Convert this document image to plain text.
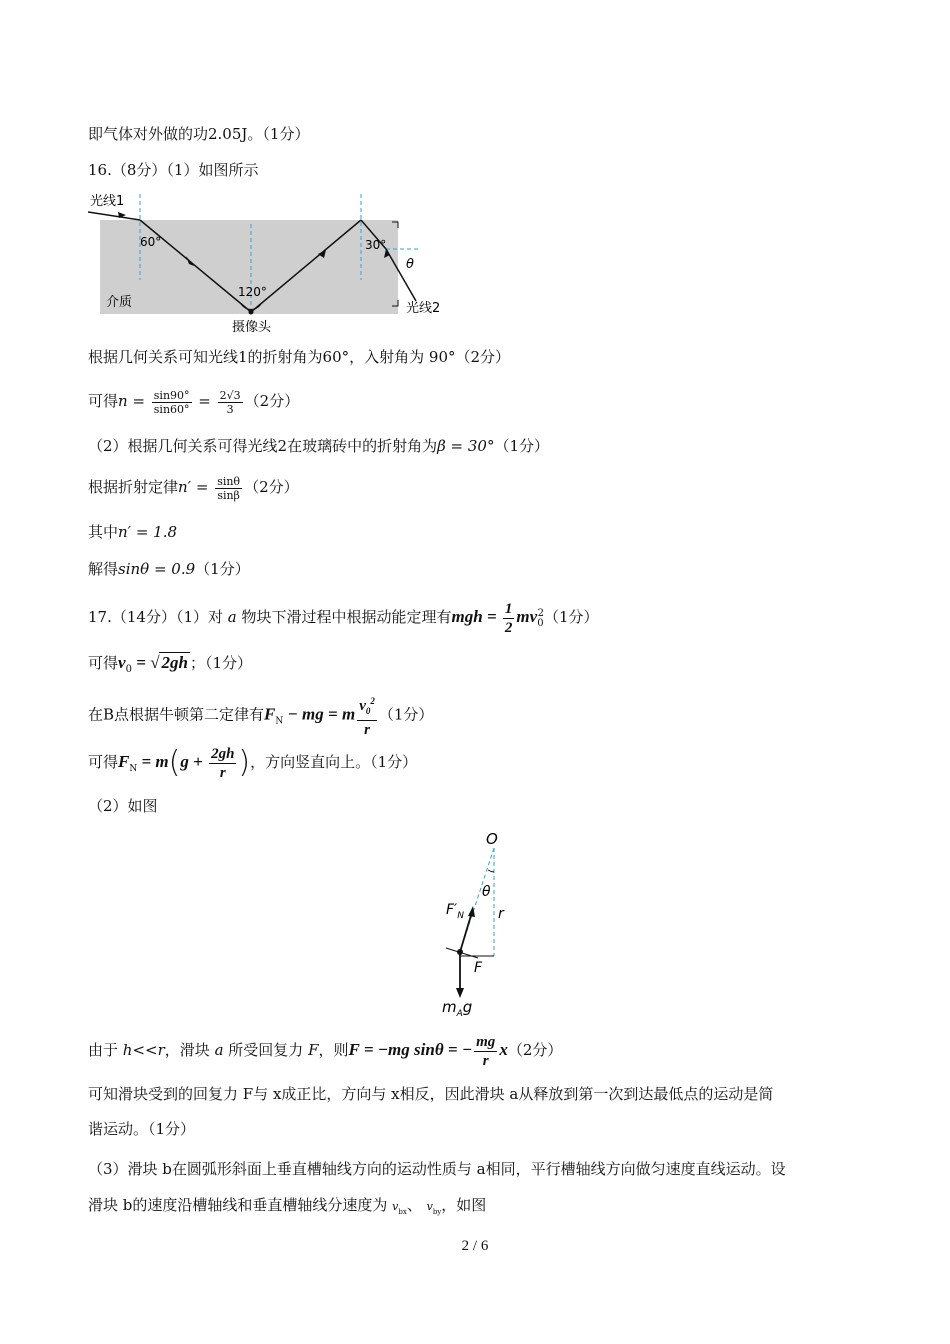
即气体对外做的功2.05J。（1分）
16.（8分）（1）如图所示
光线1
60°
120°
30°
θ
介质
摄像头
光线2
根据几何关系可知光线1的折射角为60°，入射角为 90°（2分）
可得$n = \frac{\sin 90^\circ}{\sin 60^\circ} = \frac{2√3}{3} (2$分）
（2）根据几何关系可得光线2在玻璃砖中的折射角为β = 30°（1分）
根据折射定律$n' = \frac{\sin\theta}{\sin\beta} (2$分）
其中n′ = 1.8
解得sinθ = 0.9（1分）
17.（14分）（1）对 a 物块下滑过程中根据动能定理有mgh = $\frac{1}{2} mv_0^2(1$分）
可得$v_0$ = √ 2gh ；（1分）
在B点根据牛顿第二定律有$F_N$ − mg = m $\frac{v_0^2}{r} (1$分）
可得$F_N = m(g + \frac{2gh}{r}$ )，方向竖直向上。（1分）
（2）如图
O
θ
r
$F'_N$
F
$m_Ag$
由于 h<<r，滑块 a 所受回复力 F，则F = −mg sinθ = − $\frac{mg}{r} x(2$分）
可知滑块受到的回复力 F与 x成正比，方向与 x相反，因此滑块 a从释放到第一次到达最低点的运动是简
谐运动。（1分）
（3）滑块 b在圆弧形斜面上垂直槽轴线方向的运动性质与 a相同，平行槽轴线方向做匀速度直线运动。设
滑块 b的速度沿槽轴线和垂直槽轴线分速度为 $v_{bx}$、 $v_{by}$，如图
2 / 6
